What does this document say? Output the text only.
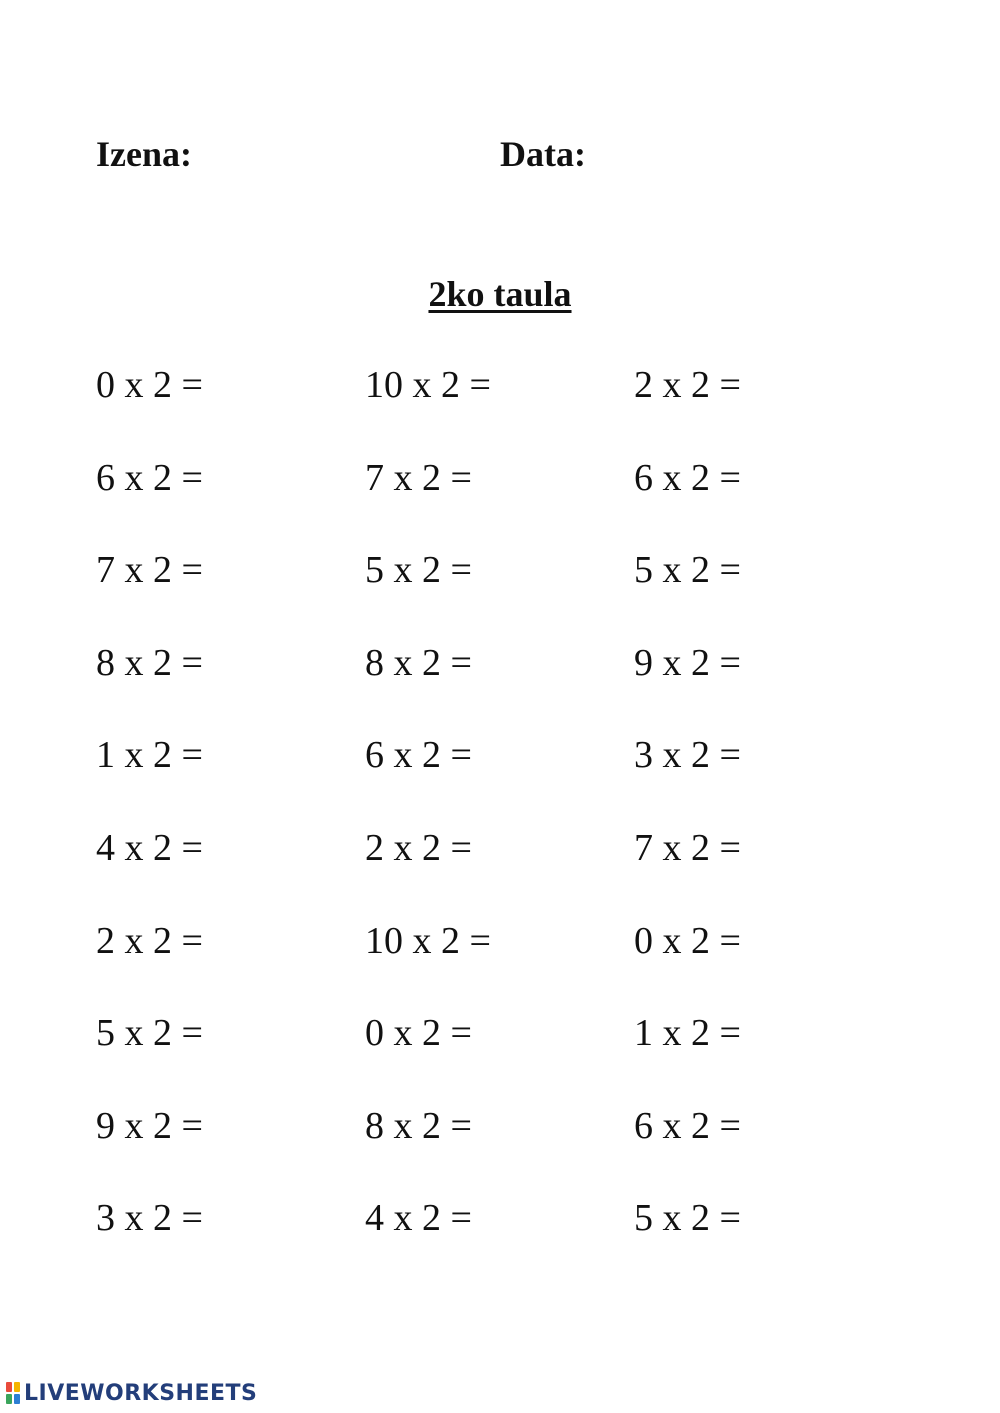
Izena:	Data:
2ko taula
0 x 2 =	10 x 2 =	2 x 2 =
6 x 2 =	7 x 2 =	6 x 2 =
7 x 2 =	5 x 2 =	5 x 2 =
8 x 2 =	8 x 2 =	9 x 2 =
1 x 2 =	6 x 2 =	3 x 2 =
4 x 2 =	2 x 2 =	7 x 2 =
2 x 2 =	10 x 2 =	0 x 2 =
5 x 2 =	0 x 2 =	1 x 2 =
9 x 2 =	8 x 2 =	6 x 2 =
3 x 2 =	4 x 2 =	5 x 2 =
LIVEWORKSHEETS
